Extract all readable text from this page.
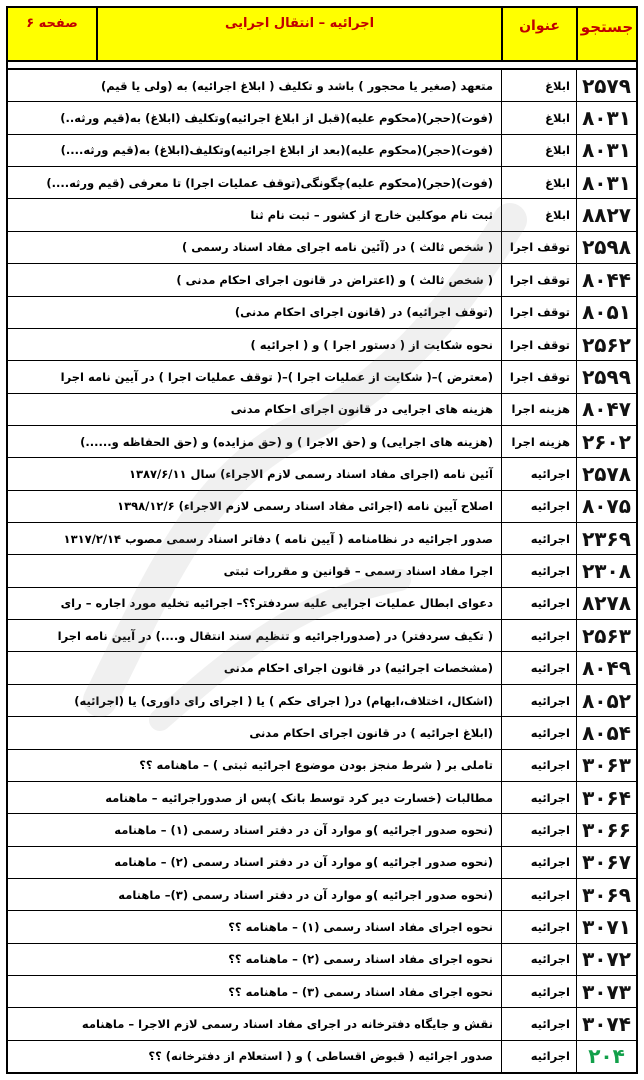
جستجو
عنوان
اجرائیه – انتقال اجرایی
صفحه ۶
۲۵۷۹
ابلاغ
متعهد (صغیر یا محجور ) باشد و تکلیف ( ابلاغ اجرائیه) به (ولی یا قیم)
۸۰۳۱
ابلاغ
(فوت)(حجر)(محکوم علیه)(قبل از ابلاغ اجرائیه)وتکلیف (ابلاغ) به(قیم ورثه..)
۸۰۳۱
ابلاغ
(فوت)(حجر)(محکوم علیه)(بعد از ابلاغ اجرائیه)وتکلیف(ابلاغ) به(قیم ورثه....)
۸۰۳۱
ابلاغ
(فوت)(حجر)(محکوم علیه)چگونگی(توقف عملیات اجرا) تا معرفی (قیم ورثه....)
۸۸۲۷
ابلاغ
ثبت نام موکلین خارج از کشور – ثبت نام ثنا
۲۵۹۸
توقف اجرا
( شخص ثالث ) در (آئین نامه اجرای مفاد اسناد رسمی )
۸۰۴۴
توقف اجرا
( شخص ثالث ) و (اعتراض در قانون اجرای احکام مدنی )
۸۰۵۱
توقف اجرا
(توقف اجرائیه) در (قانون اجرای احکام مدنی)
۲۵۶۲
توقف اجرا
نحوه شکایت از ( دستور اجرا ) و ( اجرائیه )
۲۵۹۹
توقف اجرا
(معترض )–( شکایت از عملیات اجرا )–( توقف عملیات اجرا ) در آیین نامه اجرا
۸۰۴۷
هزینه اجرا
هزینه های اجرایی در قانون اجرای احکام مدنی
۲۶۰۲
هزینه اجرا
(هزینه های اجرایی) و (حق الاجرا ) و (حق مزایده) و (حق الحفاظه و......)
۲۵۷۸
اجرائیه
آئین نامه (اجرای مفاد اسناد رسمی لازم الاجراء) سال ۱۳۸۷/۶/۱۱
۸۰۷۵
اجرائیه
اصلاح آیین نامه (اجرائی مفاد اسناد رسمی لازم الاجراء) ۱۳۹۸/۱۲/۶
۲۳۶۹
اجرائیه
صدور اجرائیه در نظامنامه ( آیین نامه ) دفاتر اسناد رسمی مصوب ۱۳۱۷/۲/۱۴
۲۳۰۸
اجرائیه
اجرا مفاد اسناد رسمی – قوانین و مقررات ثبتی
۸۲۷۸
اجرائیه
دعوای ابطال عملیات اجرایی علیه سردفتر؟؟– اجرائیه تخلیه مورد اجاره – رای
۲۵۶۳
اجرائیه
( تکیف سردفتر) در (صدوراجرائیه و تنظیم سند انتقال و....) در آیین نامه اجرا
۸۰۴۹
اجرائیه
(مشخصات اجرائیه) در قانون اجرای احکام مدنی
۸۰۵۲
اجرائیه
(اشکال، اختلاف،ابهام) در( اجرای حکم ) یا ( اجرای رای داوری) یا (اجرائیه)
۸۰۵۴
اجرائیه
(ابلاغ اجرائیه ) در قانون اجرای احکام مدنی
۳۰۶۳
اجرائیه
تاملی بر ( شرط منجز بودن موضوع اجرائیه ثبتی ) – ماهنامه ؟؟
۳۰۶۴
اجرائیه
مطالبات (خسارت دیر کرد توسط بانک )پس از صدوراجرائیه – ماهنامه
۳۰۶۶
اجرائیه
(نحوه صدور اجرائیه )و موارد آن در دفتر اسناد رسمی (۱) – ماهنامه
۳۰۶۷
اجرائیه
(نحوه صدور اجرائیه )و موارد آن در دفتر اسناد رسمی (۲) – ماهنامه
۳۰۶۹
اجرائیه
(نحوه صدور اجرائیه )و موارد آن در دفتر اسناد رسمی (۳)– ماهنامه
۳۰۷۱
اجرائیه
نحوه اجرای مفاد اسناد رسمی (۱) – ماهنامه ؟؟
۳۰۷۲
اجرائیه
نحوه اجرای مفاد اسناد رسمی (۲) – ماهنامه ؟؟
۳۰۷۳
اجرائیه
نحوه اجرای مفاد اسناد رسمی (۳) – ماهنامه ؟؟
۳۰۷۴
اجرائیه
نقش و جایگاه دفترخانه در اجرای مفاد اسناد رسمی لازم الاجرا – ماهنامه
۲۰۴
اجرائیه
صدور اجرائیه ( قبوض اقساطی ) و ( استعلام از دفترخانه) ؟؟
